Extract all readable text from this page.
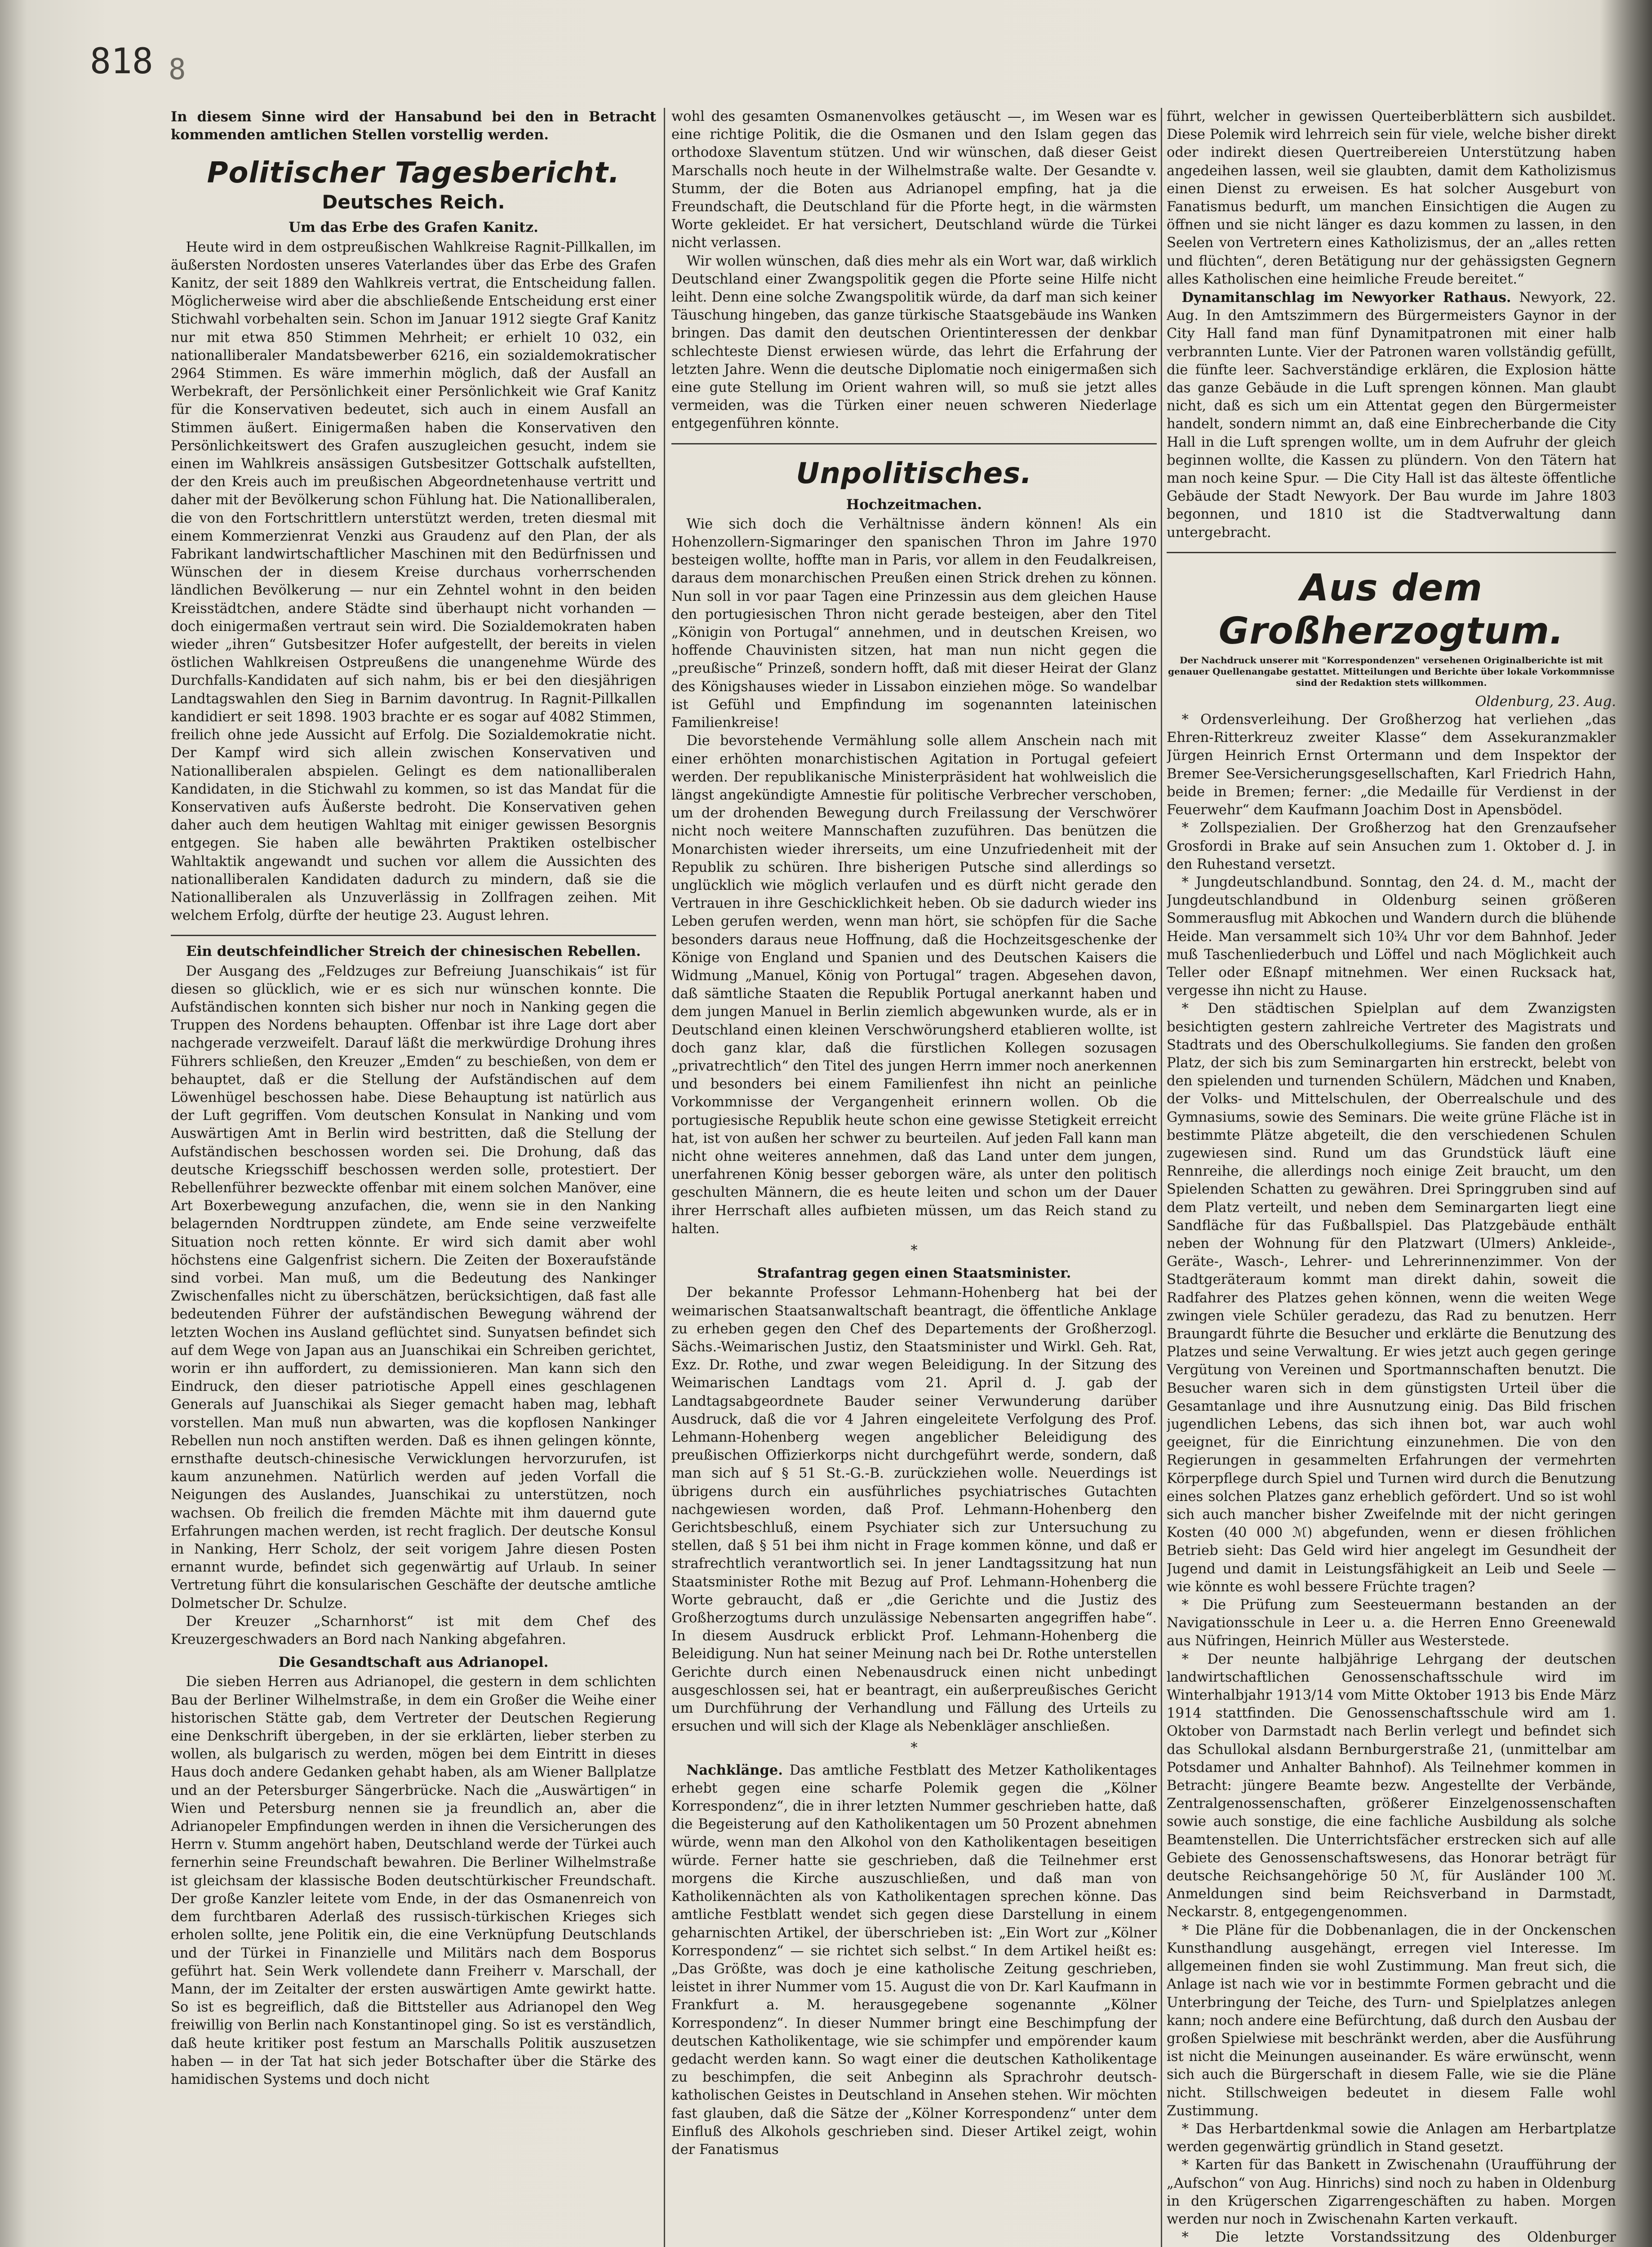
818 8

In diesem Sinne wird der Hansabund bei den in Betracht kommenden amtlichen Stellen vorstellig werden.

Politischer Tagesbericht.
Deutsches Reich.
Um das Erbe des Grafen Kanitz.

Heute wird in dem ostpreußischen Wahlkreise Ragnit-Pillkallen, im äußersten Nordosten unseres Vaterlandes über das Erbe des Grafen Kanitz, der seit 1889 den Wahlkreis vertrat, die Entscheidung fallen. Möglicherweise wird aber die abschließende Entscheidung erst einer Stichwahl vorbehalten sein. Schon im Januar 1912 siegte Graf Kanitz nur mit etwa 850 Stimmen Mehrheit; er erhielt 10 032, ein nationalliberaler Mandatsbewerber 6216, ein sozialdemokratischer 2964 Stimmen. Es wäre immerhin möglich, daß der Ausfall an Werbekraft, der Persönlichkeit einer Persönlichkeit wie Graf Kanitz für die Konservativen bedeutet, sich auch in einem Ausfall an Stimmen äußert. Einigermaßen haben die Konservativen den Persönlichkeitswert des Grafen auszugleichen gesucht, indem sie einen im Wahlkreis ansässigen Gutsbesitzer Gottschalk aufstellten, der den Kreis auch im preußischen Abgeordnetenhause vertritt und daher mit der Bevölkerung schon Fühlung hat. Die Nationalliberalen, die von den Fortschrittlern unterstützt werden, treten diesmal mit einem Kommerzienrat Venzki aus Graudenz auf den Plan, der als Fabrikant landwirtschaftlicher Maschinen mit den Bedürfnissen und Wünschen der in diesem Kreise durchaus vorherrschenden ländlichen Bevölkerung — nur ein Zehntel wohnt in den beiden Kreisstädtchen, andere Städte sind überhaupt nicht vorhanden — doch einigermaßen vertraut sein wird. Die Sozialdemokraten haben wieder „ihren“ Gutsbesitzer Hofer aufgestellt, der bereits in vielen östlichen Wahlkreisen Ostpreußens die unangenehme Würde des Durchfalls-Kandidaten auf sich nahm, bis er bei den diesjährigen Landtagswahlen den Sieg in Barnim davontrug. In Ragnit-Pillkallen kandidiert er seit 1898. 1903 brachte er es sogar auf 4082 Stimmen, freilich ohne jede Aussicht auf Erfolg. Die Sozialdemokratie nicht. Der Kampf wird sich allein zwischen Konservativen und Nationalliberalen abspielen. Gelingt es dem nationalliberalen Kandidaten, in die Stichwahl zu kommen, so ist das Mandat für die Konservativen aufs Äußerste bedroht. Die Konservativen gehen daher auch dem heutigen Wahltag mit einiger gewissen Besorgnis entgegen. Sie haben alle bewährten Praktiken ostelbischer Wahltaktik angewandt und suchen vor allem die Aussichten des nationalliberalen Kandidaten dadurch zu mindern, daß sie die Nationalliberalen als Unzuverlässig in Zollfragen zeihen. Mit welchem Erfolg, dürfte der heutige 23. August lehren.

Ein deutschfeindlicher Streich der chinesischen Rebellen.

Der Ausgang des „Feldzuges zur Befreiung Juanschikais“ ist für diesen so glücklich, wie er es sich nur wünschen konnte. Die Aufständischen konnten sich bisher nur noch in Nanking gegen die Truppen des Nordens behaupten. Offenbar ist ihre Lage dort aber nachgerade verzweifelt. Darauf läßt die merkwürdige Drohung ihres Führers schließen, den Kreuzer „Emden“ zu beschießen, von dem er behauptet, daß er die Stellung der Aufständischen auf dem Löwenhügel beschossen habe. Diese Behauptung ist natürlich aus der Luft gegriffen. Vom deutschen Konsulat in Nanking und vom Auswärtigen Amt in Berlin wird bestritten, daß die Stellung der Aufständischen beschossen worden sei. Die Drohung, daß das deutsche Kriegsschiff beschossen werden solle, protestiert. Der Rebellenführer bezweckte offenbar mit einem solchen Manöver, eine Art Boxerbewegung anzufachen, die, wenn sie in den Nanking belagernden Nordtruppen zündete, am Ende seine verzweifelte Situation noch retten könnte. Er wird sich damit aber wohl höchstens eine Galgenfrist sichern. Die Zeiten der Boxeraufstände sind vorbei. Man muß, um die Bedeutung des Nankinger Zwischenfalles nicht zu überschätzen, berücksichtigen, daß fast alle bedeutenden Führer der aufständischen Bewegung während der letzten Wochen ins Ausland geflüchtet sind. Sunyatsen befindet sich auf dem Wege von Japan aus an Juanschikai ein Schreiben gerichtet, worin er ihn auffordert, zu demissionieren. Man kann sich den Eindruck, den dieser patriotische Appell eines geschlagenen Generals auf Juanschikai als Sieger gemacht haben mag, lebhaft vorstellen. Man muß nun abwarten, was die kopflosen Nankinger Rebellen nun noch anstiften werden. Daß es ihnen gelingen könnte, ernsthafte deutsch-chinesische Verwicklungen hervorzurufen, ist kaum anzunehmen. Natürlich werden auf jeden Vorfall die Neigungen des Auslandes, Juanschikai zu unterstützen, noch wachsen. Ob freilich die fremden Mächte mit ihm dauernd gute Erfahrungen machen werden, ist recht fraglich. Der deutsche Konsul in Nanking, Herr Scholz, der seit vorigem Jahre diesen Posten ernannt wurde, befindet sich gegenwärtig auf Urlaub. In seiner Vertretung führt die konsularischen Geschäfte der deutsche amtliche Dolmetscher Dr. Schulze.

Der Kreuzer „Scharnhorst“ ist mit dem Chef des Kreuzergeschwaders an Bord nach Nanking abgefahren.

Die Gesandtschaft aus Adrianopel.

Die sieben Herren aus Adrianopel, die gestern in dem schlichten Bau der Berliner Wilhelmstraße, in dem ein Großer die Weihe einer historischen Stätte gab, dem Vertreter der Deutschen Regierung eine Denkschrift übergeben, in der sie erklärten, lieber sterben zu wollen, als bulgarisch zu werden, mögen bei dem Eintritt in dieses Haus doch andere Gedanken gehabt haben, als am Wiener Ballplatze und an der Petersburger Sängerbrücke. Nach die „Auswärtigen“ in Wien und Petersburg nennen sie ja freundlich an, aber die Adrianopeler Empfindungen werden in ihnen die Versicherungen des Herrn v. Stumm angehört haben, Deutschland werde der Türkei auch fernerhin seine Freundschaft bewahren. Die Berliner Wilhelmstraße ist gleichsam der klassische Boden deutschtürkischer Freundschaft. Der große Kanzler leitete vom Ende, in der das Osmanenreich von dem furchtbaren Aderlaß des russisch-türkischen Krieges sich erholen sollte, jene Politik ein, die eine Verknüpfung Deutschlands und der Türkei in Finanzielle und Militärs nach dem Bosporus geführt hat. Sein Werk vollendete dann Freiherr v. Marschall, der Mann, der im Zeitalter der ersten auswärtigen Amte gewirkt hatte. So ist es begreiflich, daß die Bittsteller aus Adrianopel den Weg freiwillig von Berlin nach Konstantinopel ging. So ist es verständlich, daß heute kritiker post festum an Marschalls Politik auszusetzen haben — in der Tat hat sich jeder Botschafter über die Stärke des hamidischen Systems und doch nicht

wohl des gesamten Osmanenvolkes getäuscht —, im Wesen war es eine richtige Politik, die die Osmanen und den Islam gegen das orthodoxe Slaventum stützen. Und wir wünschen, daß dieser Geist Marschalls noch heute in der Wilhelmstraße walte. Der Gesandte v. Stumm, der die Boten aus Adrianopel empfing, hat ja die Freundschaft, die Deutschland für die Pforte hegt, in die wärmsten Worte gekleidet. Er hat versichert, Deutschland würde die Türkei nicht verlassen.

Wir wollen wünschen, daß dies mehr als ein Wort war, daß wirklich Deutschland einer Zwangspolitik gegen die Pforte seine Hilfe nicht leiht. Denn eine solche Zwangspolitik würde, da darf man sich keiner Täuschung hingeben, das ganze türkische Staatsgebäude ins Wanken bringen. Das damit den deutschen Orientinteressen der denkbar schlechteste Dienst erwiesen würde, das lehrt die Erfahrung der letzten Jahre. Wenn die deutsche Diplomatie noch einigermaßen sich eine gute Stellung im Orient wahren will, so muß sie jetzt alles vermeiden, was die Türken einer neuen schweren Niederlage entgegenführen könnte.

Unpolitisches.
Hochzeitmachen.

Wie sich doch die Verhältnisse ändern können! Als ein Hohenzollern-Sigmaringer den spanischen Thron im Jahre 1970 besteigen wollte, hoffte man in Paris, vor allem in den Feudalkreisen, daraus dem monarchischen Preußen einen Strick drehen zu können. Nun soll in vor paar Tagen eine Prinzessin aus dem gleichen Hause den portugiesischen Thron nicht gerade besteigen, aber den Titel „Königin von Portugal“ annehmen, und in deutschen Kreisen, wo hoffende Chauvinisten sitzen, hat man nun nicht gegen die „preußische“ Prinzeß, sondern hofft, daß mit dieser Heirat der Glanz des Königshauses wieder in Lissabon einziehen möge. So wandelbar ist Gefühl und Empfindung im sogenannten lateinischen Familienkreise!

Die bevorstehende Vermählung solle allem Anschein nach mit einer erhöhten monarchistischen Agitation in Portugal gefeiert werden. Der republikanische Ministerpräsident hat wohlweislich die längst angekündigte Amnestie für politische Verbrecher verschoben, um der drohenden Bewegung durch Freilassung der Verschwörer nicht noch weitere Mannschaften zuzuführen. Das benützen die Monarchisten wieder ihrerseits, um eine Unzufriedenheit mit der Republik zu schüren. Ihre bisherigen Putsche sind allerdings so unglücklich wie möglich verlaufen und es dürft nicht gerade den Vertrauen in ihre Geschicklichkeit heben. Ob sie dadurch wieder ins Leben gerufen werden, wenn man hört, sie schöpfen für die Sache besonders daraus neue Hoffnung, daß die Hochzeitsgeschenke der Könige von England und Spanien und des Deutschen Kaisers die Widmung „Manuel, König von Portugal“ tragen. Abgesehen davon, daß sämtliche Staaten die Republik Portugal anerkannt haben und dem jungen Manuel in Berlin ziemlich abgewunken wurde, als er in Deutschland einen kleinen Verschwörungsherd etablieren wollte, ist doch ganz klar, daß die fürstlichen Kollegen sozusagen „privatrechtlich“ den Titel des jungen Herrn immer noch anerkennen und besonders bei einem Familienfest ihn nicht an peinliche Vorkommnisse der Vergangenheit erinnern wollen. Ob die portugiesische Republik heute schon eine gewisse Stetigkeit erreicht hat, ist von außen her schwer zu beurteilen. Auf jeden Fall kann man nicht ohne weiteres annehmen, daß das Land unter dem jungen, unerfahrenen König besser geborgen wäre, als unter den politisch geschulten Männern, die es heute leiten und schon um der Dauer ihrer Herrschaft alles aufbieten müssen, um das Reich stand zu halten.

*
Strafantrag gegen einen Staatsminister.

Der bekannte Professor Lehmann-Hohenberg hat bei der weimarischen Staatsanwaltschaft beantragt, die öffentliche Anklage zu erheben gegen den Chef des Departements der Großherzogl. Sächs.-Weimarischen Justiz, den Staatsminister und Wirkl. Geh. Rat, Exz. Dr. Rothe, und zwar wegen Beleidigung. In der Sitzung des Weimarischen Landtags vom 21. April d. J. gab der Landtagsabgeordnete Bauder seiner Verwunderung darüber Ausdruck, daß die vor 4 Jahren eingeleitete Verfolgung des Prof. Lehmann-Hohenberg wegen angeblicher Beleidigung des preußischen Offizierkorps nicht durchgeführt werde, sondern, daß man sich auf § 51 St.-G.-B. zurückziehen wolle. Neuerdings ist übrigens durch ein ausführliches psychiatrisches Gutachten nachgewiesen worden, daß Prof. Lehmann-Hohenberg den Gerichtsbeschluß, einem Psychiater sich zur Untersuchung zu stellen, daß § 51 bei ihm nicht in Frage kommen könne, und daß er strafrechtlich verantwortlich sei. In jener Landtagssitzung hat nun Staatsminister Rothe mit Bezug auf Prof. Lehmann-Hohenberg die Worte gebraucht, daß er „die Gerichte und die Justiz des Großherzogtums durch unzulässige Nebensarten angegriffen habe“. In diesem Ausdruck erblickt Prof. Lehmann-Hohenberg die Beleidigung. Nun hat seiner Meinung nach bei Dr. Rothe unterstellen Gerichte durch einen Nebenausdruck einen nicht unbedingt ausgeschlossen sei, hat er beantragt, ein außerpreußisches Gericht um Durchführung der Verhandlung und Fällung des Urteils zu ersuchen und will sich der Klage als Nebenkläger anschließen.

*

Nachklänge. Das amtliche Festblatt des Metzer Katholikentages erhebt gegen eine scharfe Polemik gegen die „Kölner Korrespondenz“, die in ihrer letzten Nummer geschrieben hatte, daß die Begeisterung auf den Katholikentagen um 50 Prozent abnehmen würde, wenn man den Alkohol von den Katholikentagen beseitigen würde. Ferner hatte sie geschrieben, daß die Teilnehmer erst morgens die Kirche auszuschließen, und daß man von Katholikennächten als von Katholikentagen sprechen könne. Das amtliche Festblatt wendet sich gegen diese Darstellung in einem geharnischten Artikel, der überschrieben ist: „Ein Wort zur „Kölner Korrespondenz“ — sie richtet sich selbst.“ In dem Artikel heißt es: „Das Größte, was doch je eine katholische Zeitung geschrieben, leistet in ihrer Nummer vom 15. August die von Dr. Karl Kaufmann in Frankfurt a. M. herausgegebene sogenannte „Kölner Korrespondenz“. In dieser Nummer bringt eine Beschimpfung der deutschen Katholikentage, wie sie schimpfer und empörender kaum gedacht werden kann. So wagt einer die deutschen Katholikentage zu beschimpfen, die seit Anbeginn als Sprachrohr deutsch-katholischen Geistes in Deutschland in Ansehen stehen. Wir möchten fast glauben, daß die Sätze der „Kölner Korrespondenz“ unter dem Einfluß des Alkohols geschrieben sind. Dieser Artikel zeigt, wohin der Fanatismus

führt, welcher in gewissen Querteiberblättern sich ausbildet. Diese Polemik wird lehrreich sein für viele, welche bisher direkt oder indirekt diesen Quertreibereien Unterstützung haben angedeihen lassen, weil sie glaubten, damit dem Katholizismus einen Dienst zu erweisen. Es hat solcher Ausgeburt von Fanatismus bedurft, um manchen Einsichtigen die Augen zu öffnen und sie nicht länger es dazu kommen zu lassen, in den Seelen von Vertretern eines Katholizismus, der an „alles retten und flüchten“, deren Betätigung nur der gehässigsten Gegnern alles Katholischen eine heimliche Freude bereitet.“

Dynamitanschlag im Newyorker Rathaus. Newyork, 22. Aug. In den Amtszimmern des Bürgermeisters Gaynor in der City Hall fand man fünf Dynamitpatronen mit einer halb verbrannten Lunte. Vier der Patronen waren vollständig gefüllt, die fünfte leer. Sachverständige erklären, die Explosion hätte das ganze Gebäude in die Luft sprengen können. Man glaubt nicht, daß es sich um ein Attentat gegen den Bürgermeister handelt, sondern nimmt an, daß eine Einbrecherbande die City Hall in die Luft sprengen wollte, um in dem Aufruhr der gleich beginnen wollte, die Kassen zu plündern. Von den Tätern hat man noch keine Spur. — Die City Hall ist das älteste öffentliche Gebäude der Stadt Newyork. Der Bau wurde im Jahre 1803 begonnen, und 1810 ist die Stadtverwaltung dann untergebracht.

Aus dem Großherzogtum.
Der Nachdruck unserer mit "Korrespondenzen" versehenen Originalberichte ist mit genauer Quellenangabe gestattet. Mitteilungen und Berichte über lokale Vorkommnisse sind der Redaktion stets willkommen.

Oldenburg, 23. Aug.

* Ordensverleihung. Der Großherzog hat verliehen „das Ehren-Ritterkreuz zweiter Klasse“ dem Assekuranzmakler Jürgen Heinrich Ernst Ortermann und dem Inspektor der Bremer See-Versicherungsgesellschaften, Karl Friedrich Hahn, beide in Bremen; ferner: „die Medaille für Verdienst in der Feuerwehr“ dem Kaufmann Joachim Dost in Apensbödel.

* Zollspezialien. Der Großherzog hat den Grenzaufseher Grosfordi in Brake auf sein Ansuchen zum 1. Oktober d. J. in den Ruhestand versetzt.

* Jungdeutschlandbund. Sonntag, den 24. d. M., macht der Jungdeutschlandbund in Oldenburg seinen größeren Sommerausflug mit Abkochen und Wandern durch die blühende Heide. Man versammelt sich 10¾ Uhr vor dem Bahnhof. Jeder muß Taschenliederbuch und Löffel und nach Möglichkeit auch Teller oder Eßnapf mitnehmen. Wer einen Rucksack hat, vergesse ihn nicht zu Hause.

* Den städtischen Spielplan auf dem Zwanzigsten besichtigten gestern zahlreiche Vertreter des Magistrats und Stadtrats und des Oberschulkollegiums. Sie fanden den großen Platz, der sich bis zum Seminargarten hin erstreckt, belebt von den spielenden und turnenden Schülern, Mädchen und Knaben, der Volks- und Mittelschulen, der Oberrealschule und des Gymnasiums, sowie des Seminars. Die weite grüne Fläche ist in bestimmte Plätze abgeteilt, die den verschiedenen Schulen zugewiesen sind. Rund um das Grundstück läuft eine Rennreihe, die allerdings noch einige Zeit braucht, um den Spielenden Schatten zu gewähren. Drei Springgruben sind auf dem Platz verteilt, und neben dem Seminargarten liegt eine Sandfläche für das Fußballspiel. Das Platzgebäude enthält neben der Wohnung für den Platzwart (Ulmers) Ankleide-, Geräte-, Wasch-, Lehrer- und Lehrerinnenzimmer. Von der Stadtgeräteraum kommt man direkt dahin, soweit die Radfahrer des Platzes gehen können, wenn die weiten Wege zwingen viele Schüler geradezu, das Rad zu benutzen. Herr Braungardt führte die Besucher und erklärte die Benutzung des Platzes und seine Verwaltung. Er wies jetzt auch gegen geringe Vergütung von Vereinen und Sportmannschaften benutzt. Die Besucher waren sich in dem günstigsten Urteil über die Gesamtanlage und ihre Ausnutzung einig. Das Bild frischen jugendlichen Lebens, das sich ihnen bot, war auch wohl geeignet, für die Einrichtung einzunehmen. Die von den Regierungen in gesammelten Erfahrungen der vermehrten Körperpflege durch Spiel und Turnen wird durch die Benutzung eines solchen Platzes ganz erheblich gefördert. Und so ist wohl sich auch mancher bisher Zweifelnde mit der nicht geringen Kosten (40 000 ℳ) abgefunden, wenn er diesen fröhlichen Betrieb sieht: Das Geld wird hier angelegt im Gesundheit der Jugend und damit in Leistungsfähigkeit an Leib und Seele — wie könnte es wohl bessere Früchte tragen?

* Die Prüfung zum Seesteuermann bestanden an der Navigationsschule in Leer u. a. die Herren Enno Greenewald aus Nüfringen, Heinrich Müller aus Westerstede.

* Der neunte halbjährige Lehrgang der deutschen landwirtschaftlichen Genossenschaftsschule wird im Winterhalbjahr 1913/14 vom Mitte Oktober 1913 bis Ende März 1914 stattfinden. Die Genossenschaftsschule wird am 1. Oktober von Darmstadt nach Berlin verlegt und befindet sich das Schullokal alsdann Bernburgerstraße 21, (unmittelbar am Potsdamer und Anhalter Bahnhof). Als Teilnehmer kommen in Betracht: jüngere Beamte bezw. Angestellte der Verbände, Zentralgenossenschaften, größerer Einzelgenossenschaften sowie auch sonstige, die eine fachliche Ausbildung als solche Beamtenstellen. Die Unterrichtsfächer erstrecken sich auf alle Gebiete des Genossenschaftswesens, das Honorar beträgt für deutsche Reichsangehörige 50 ℳ, für Ausländer 100 ℳ. Anmeldungen sind beim Reichsverband in Darmstadt, Neckarstr. 8, entgegengenommen.

* Die Pläne für die Dobbenanlagen, die in der Onckenschen Kunsthandlung ausgehängt, erregen viel Interesse. Im allgemeinen finden sie wohl Zustimmung. Man freut sich, die Anlage ist nach wie vor in bestimmte Formen gebracht und die Unterbringung der Teiche, des Turn- und Spielplatzes anlegen kann; noch andere eine Befürchtung, daß durch den Ausbau der großen Spielwiese mit beschränkt werden, aber die Ausführung ist nicht die Meinungen auseinander. Es wäre erwünscht, wenn sich auch die Bürgerschaft in diesem Falle, wie sie die Pläne nicht. Stillschweigen bedeutet in diesem Falle wohl Zustimmung.

* Das Herbartdenkmal sowie die Anlagen am Herbartplatze werden gegenwärtig gründlich in Stand gesetzt.

* Karten für das Bankett in Zwischenahn (Uraufführung der „Aufschon“ von Aug. Hinrichs) sind noch zu haben in Oldenburg in den Krügerschen Zigarrengeschäften zu haben. Morgen werden nur noch in Zwischenahn Karten verkauft.

* Die letzte Vorstandssitzung des Oldenburger
